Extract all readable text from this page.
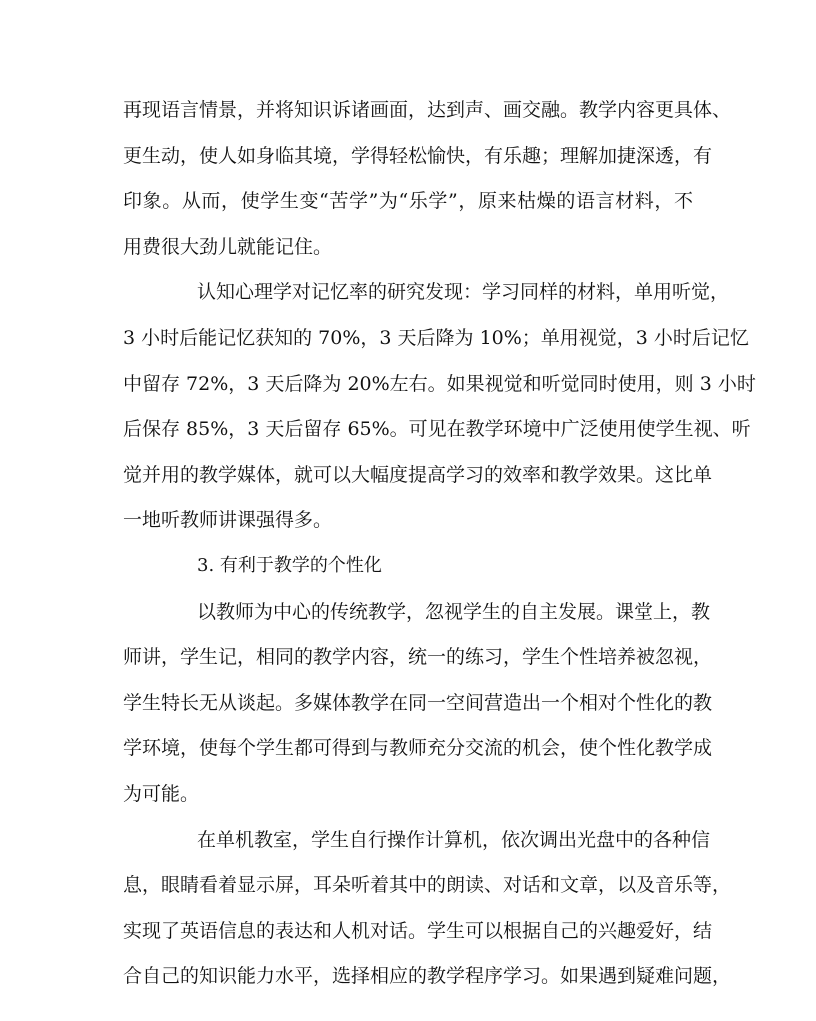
再现语言情景，并将知识诉诸画面，达到声、画交融。教学内容更具体、
更生动，使人如身临其境，学得轻松愉快，有乐趣；理解加捷深透，有
印象。从而，使学生变“苦学”为“乐学”，原来枯燥的语言材料，不
用费很大劲儿就能记住。
认知心理学对记忆率的研究发现：学习同样的材料，单用听觉，
3 小时后能记忆获知的 70%，3 天后降为 10%；单用视觉，3 小时后记忆
中留存 72%，3 天后降为 20%左右。如果视觉和听觉同时使用，则 3 小时
后保存 85%，3 天后留存 65%。可见在教学环境中广泛使用使学生视、听
觉并用的教学媒体，就可以大幅度提高学习的效率和教学效果。这比单
一地听教师讲课强得多。
3. 有利于教学的个性化
以教师为中心的传统教学，忽视学生的自主发展。课堂上，教
师讲，学生记，相同的教学内容，统一的练习，学生个性培养被忽视，
学生特长无从谈起。多媒体教学在同一空间营造出一个相对个性化的教
学环境，使每个学生都可得到与教师充分交流的机会，使个性化教学成
为可能。
在单机教室，学生自行操作计算机，依次调出光盘中的各种信
息，眼睛看着显示屏，耳朵听着其中的朗读、对话和文章，以及音乐等，
实现了英语信息的表达和人机对话。学生可以根据自己的兴趣爱好，结
合自己的知识能力水平，选择相应的教学程序学习。如果遇到疑难问题，
